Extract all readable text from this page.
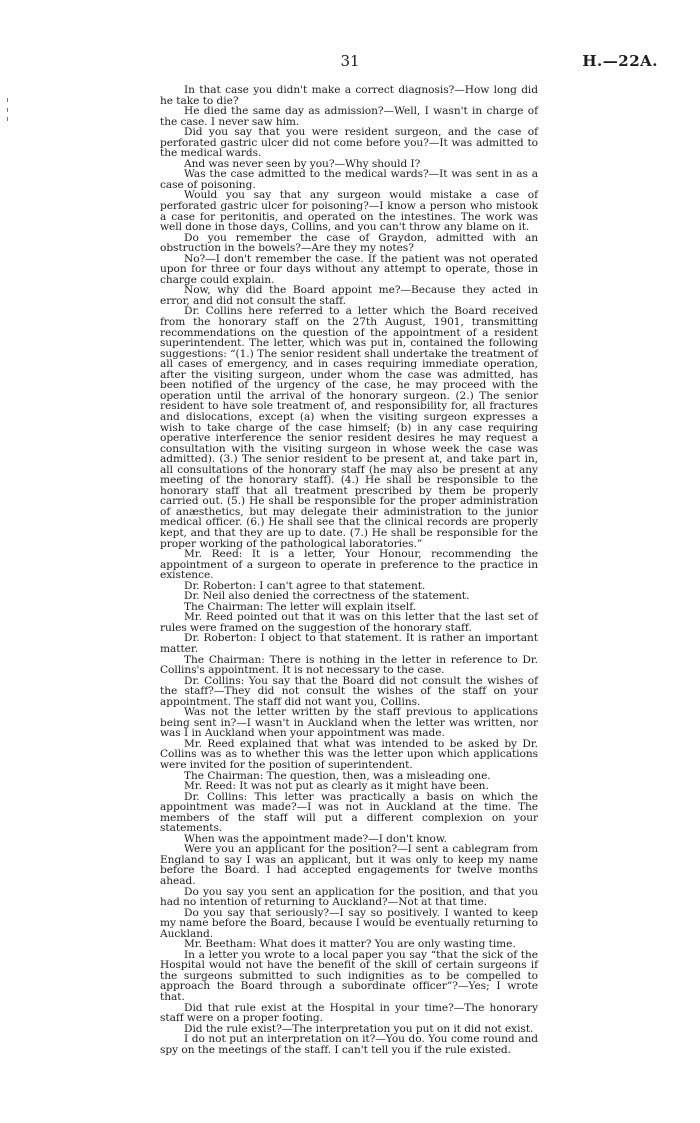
31	H.—22A.

In that case you didn't make a correct diagnosis?—How long did he take to die?

He died the same day as admission?—Well, I wasn't in charge of the case. I never saw him.

Did you say that you were resident surgeon, and the case of perforated gastric ulcer did not come before you?—It was admitted to the medical wards.

And was never seen by you?—Why should I?

Was the case admitted to the medical wards?—It was sent in as a case of poisoning.

Would you say that any surgeon would mistake a case of perforated gastric ulcer for poisoning?—I know a person who mistook a case for peritonitis, and operated on the intestines. The work was well done in those days, Collins, and you can't throw any blame on it.

Do you remember the case of Graydon, admitted with an obstruction in the bowels?—Are they my notes?

No?—I don't remember the case. If the patient was not operated upon for three or four days without any attempt to operate, those in charge could explain.

Now, why did the Board appoint me?—Because they acted in error, and did not consult the staff.

Dr. Collins here referred to a letter which the Board received from the honorary staff on the 27th August, 1901, transmitting recommendations on the question of the appointment of a resident superintendent. The letter, which was put in, contained the following suggestions: “(1.) The senior resident shall undertake the treatment of all cases of emergency, and in cases requiring immediate operation, after the visiting surgeon, under whom the case was admitted, has been notified of the urgency of the case, he may proceed with the operation until the arrival of the honorary surgeon. (2.) The senior resident to have sole treatment of, and responsibility for, all fractures and dislocations, except (a) when the visiting surgeon expresses a wish to take charge of the case himself; (b) in any case requiring operative interference the senior resident desires he may request a consultation with the visiting surgeon in whose week the case was admitted). (3.) The senior resident to be present at, and take part in, all consultations of the honorary staff (he may also be present at any meeting of the honorary staff). (4.) He shall be responsible to the honorary staff that all treatment prescribed by them be properly carried out. (5.) He shall be responsible for the proper administration of anæsthetics, but may delegate their administration to the junior medical officer. (6.) He shall see that the clinical records are properly kept, and that they are up to date. (7.) He shall be responsible for the proper working of the pathological laboratories.”

Mr. Reed: It is a letter, Your Honour, recommending the appointment of a surgeon to operate in preference to the practice in existence.

Dr. Roberton: I can't agree to that statement.

Dr. Neil also denied the correctness of the statement.

The Chairman: The letter will explain itself.

Mr. Reed pointed out that it was on this letter that the last set of rules were framed on the suggestion of the honorary staff.

Dr. Roberton: I object to that statement. It is rather an important matter.

The Chairman: There is nothing in the letter in reference to Dr. Collins's appointment. It is not necessary to the case.

Dr. Collins: You say that the Board did not consult the wishes of the staff?—They did not consult the wishes of the staff on your appointment. The staff did not want you, Collins.

Was not the letter written by the staff previous to applications being sent in?—I wasn't in Auckland when the letter was written, nor was I in Auckland when your appointment was made.

Mr. Reed explained that what was intended to be asked by Dr. Collins was as to whether this was the letter upon which applications were invited for the position of superintendent.

The Chairman: The question, then, was a misleading one.

Mr. Reed: It was not put as clearly as it might have been.

Dr. Collins: This letter was practically a basis on which the appointment was made?—I was not in Auckland at the time. The members of the staff will put a different complexion on your statements.

When was the appointment made?—I don't know.

Were you an applicant for the position?—I sent a cablegram from England to say I was an applicant, but it was only to keep my name before the Board. I had accepted engagements for twelve months ahead.

Do you say you sent an application for the position, and that you had no intention of returning to Auckland?—Not at that time.

Do you say that seriously?—I say so positively. I wanted to keep my name before the Board, because I would be eventually returning to Auckland.

Mr. Beetham: What does it matter? You are only wasting time.

In a letter you wrote to a local paper you say “that the sick of the Hospital would not have the benefit of the skill of certain surgeons if the surgeons submitted to such indignities as to be compelled to approach the Board through a subordinate officer”?—Yes; I wrote that.

Did that rule exist at the Hospital in your time?—The honorary staff were on a proper footing.

Did the rule exist?—The interpretation you put on it did not exist.

I do not put an interpretation on it?—You do. You come round and spy on the meetings of the staff. I can't tell you if the rule existed.
